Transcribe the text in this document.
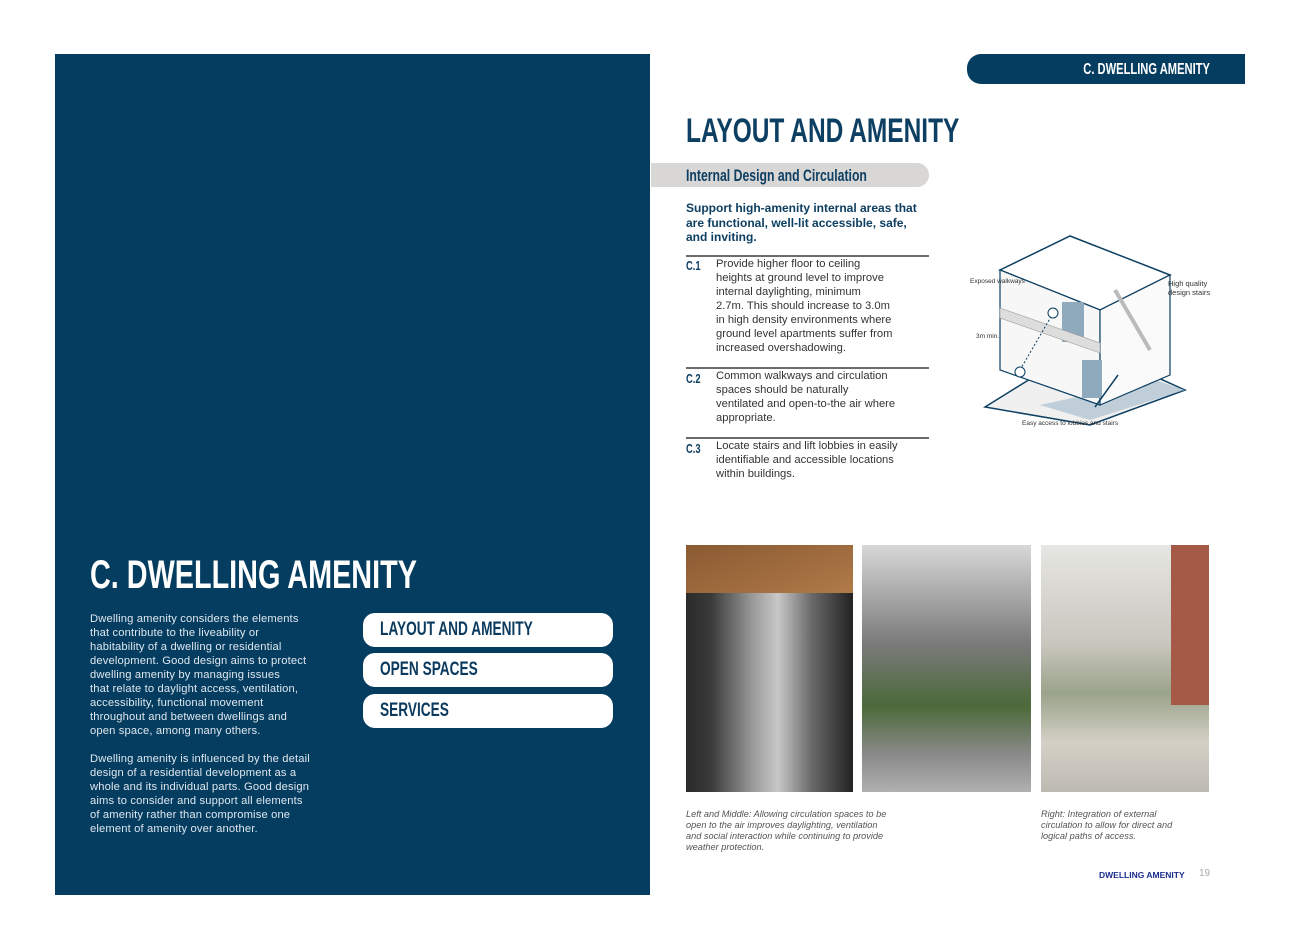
C. DWELLING AMENITY
Dwelling amenity considers the elements
that contribute to the liveability or
habitability of a dwelling or residential
development. Good design aims to protect
dwelling amenity by managing issues
that relate to daylight access, ventilation,
accessibility, functional movement
throughout and between dwellings and
open space, among many others.
Dwelling amenity is influenced by the detail
design of a residential development as a
whole and its individual parts. Good design
aims to consider and support all elements
of amenity rather than compromise one
element of amenity over another.
LAYOUT AND AMENITY
OPEN SPACES
SERVICES
C. DWELLING AMENITY
LAYOUT AND AMENITY
Internal Design and Circulation
Support high-amenity internal areas that
are functional, well-lit accessible, safe,
and inviting.
C.1	Provide higher floor to ceiling
heights at ground level to improve
internal daylighting, minimum
2.7m. This should increase to 3.0m
in high density environments where
ground level apartments suffer from
increased overshadowing.
C.2	Common walkways and circulation
spaces should be naturally
ventilated and open-to-the air where
appropriate.
C.3	Locate stairs and lift lobbies in easily
identifiable and accessible locations
within buildings.
Exposed walkways
3m min.
Easy access to lobbies and stairs
High quality design stairs
Left and Middle: Allowing circulation spaces to be
open to the air improves daylighting, ventilation
and social interaction while continuing to provide
weather protection.
Right: Integration of external
circulation to allow for direct and
logical paths of access.
DWELLING AMENITY 19
